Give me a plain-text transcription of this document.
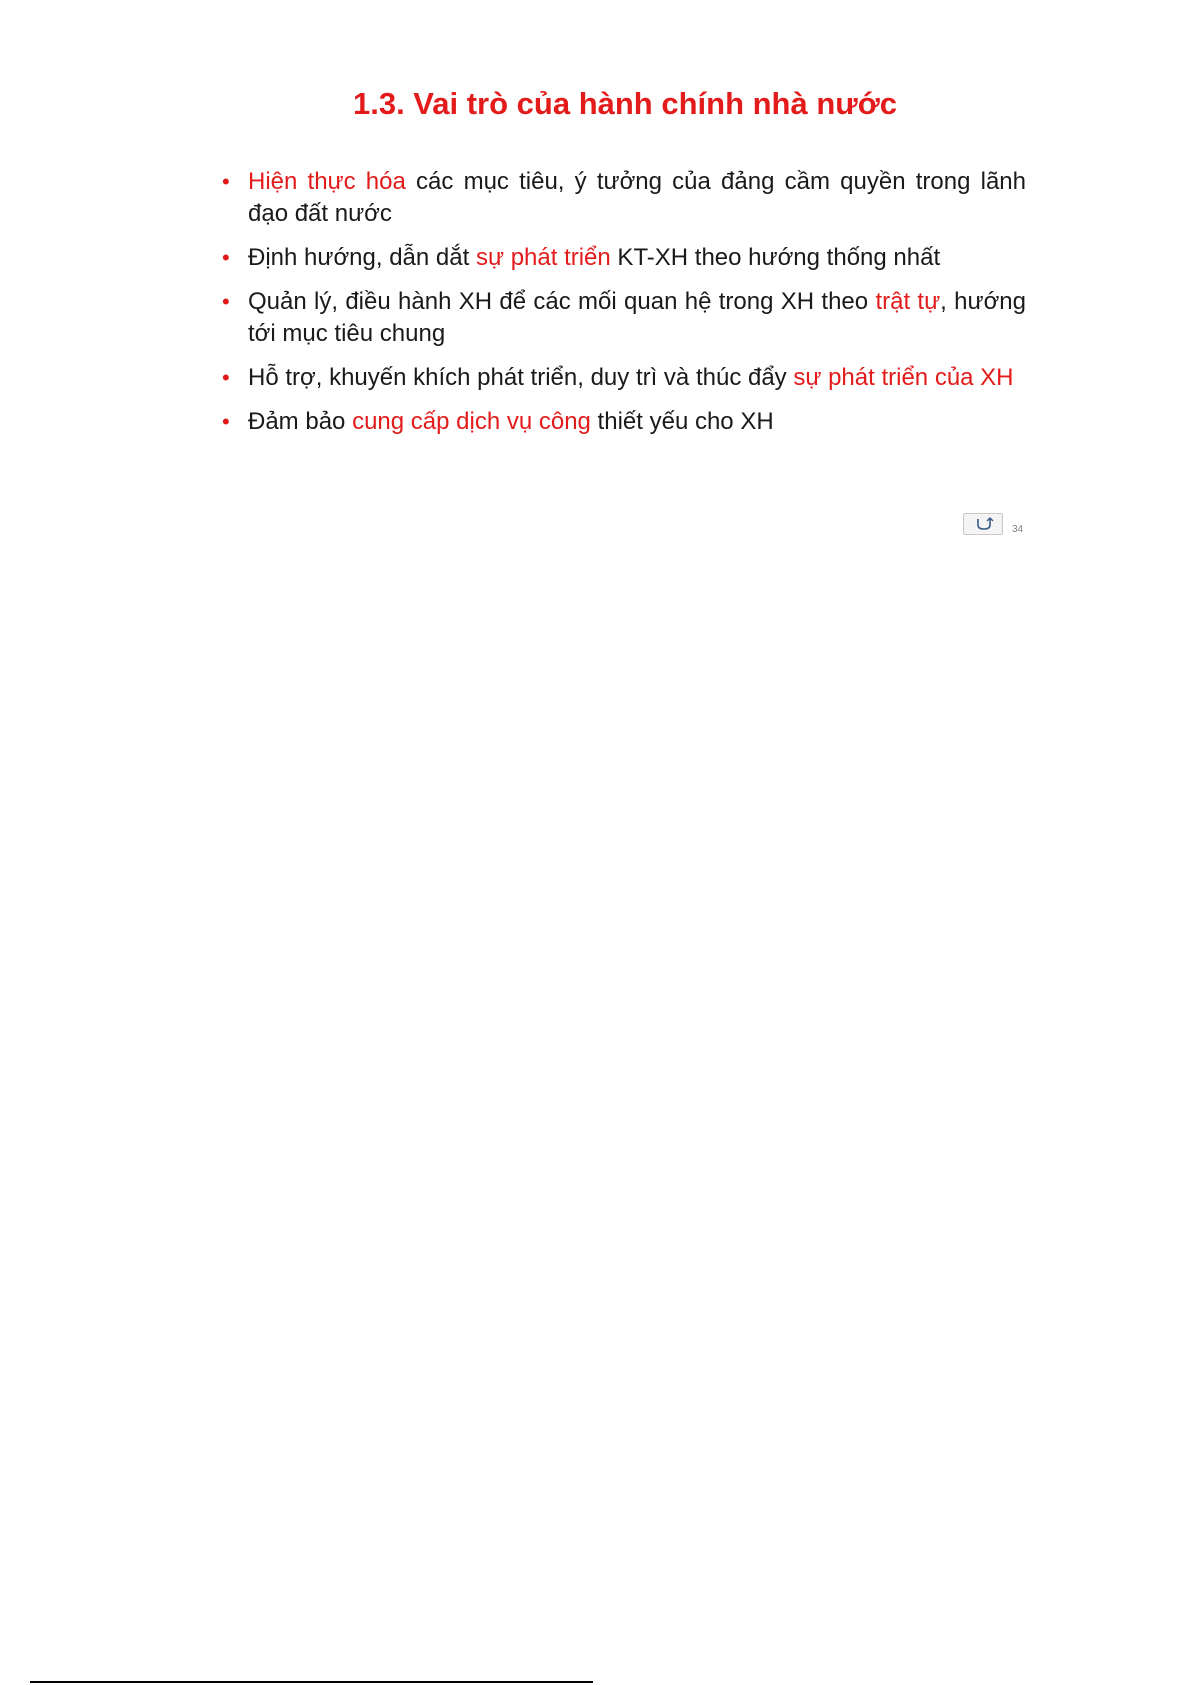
1.3. Vai trò của hành chính nhà nước
• Hiện thực hóa các mục tiêu, ý tưởng của đảng cầm quyền trong lãnh đạo đất nước
• Định hướng, dẫn dắt sự phát triển KT-XH theo hướng thống nhất
• Quản lý, điều hành XH để các mối quan hệ trong XH theo trật tự, hướng tới mục tiêu chung
• Hỗ trợ, khuyến khích phát triển, duy trì và thúc đẩy sự phát triển của XH
• Đảm bảo cung cấp dịch vụ công thiết yếu cho XH
34
